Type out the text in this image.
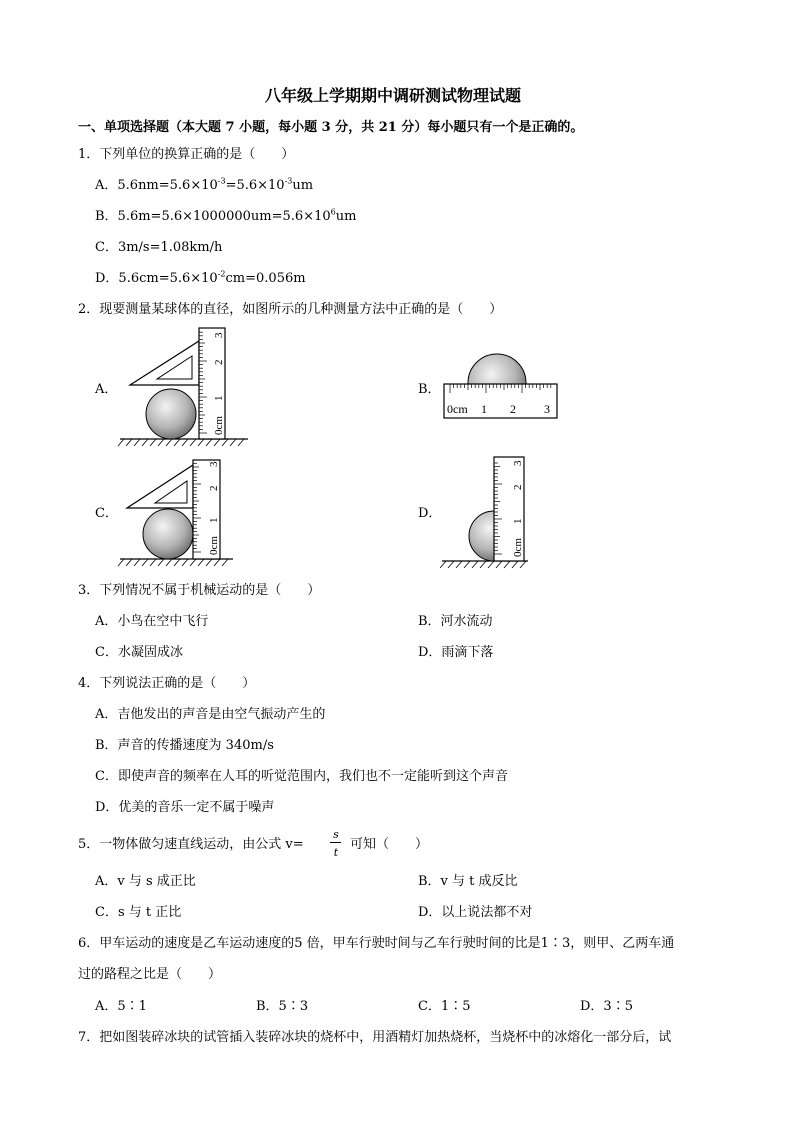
八年级上学期期中调研测试物理试题
一、单项选择题（本大题 7 小题，每小题 3 分，共 21 分）每小题只有一个是正确的。
1．下列单位的换算正确的是（　　）
A．$5.6nm=5.6\times 10^{-3}=5.6\times 10^{-3}um$
B．$5.6m=5.6\times 1000000um=5.6\times 10^6um$
C．3m/s=1.08km/h
D．$5.6cm=5.6\times 10^{-2}cm=0.056m$
2．现要测量某球体的直径，如图所示的几种测量方法中正确的是（　　）
A．	B．
C．	D．
0cm
1
2
3
0cm 1 2 3
0cm
1
2
3
0cm
1
2
3
3．下列情况不属于机械运动的是（　　）
A．小鸟在空中飞行	B．河水流动
C．水凝固成冰	D．雨滴下落
4．下列说法正确的是（　　）
A．吉他发出的声音是由空气振动产生的
B．声音的传播速度为 340m/s
C．即使声音的频率在人耳的听觉范围内，我们也不一定能听到这个声音
D．优美的音乐一定不属于噪声
5．一物体做匀速直线运动，由公式 v=
s
t
可知（　　）
A．v 与 s 成正比	B．v 与 t 成反比
C．s 与 t 正比	D．以上说法都不对
6．甲车运动的速度是乙车运动速度的5 倍，甲车行驶时间与乙车行驶时间的比是1∶3，则甲、乙两车通
过的路程之比是（　　）
A．5∶1	B．5∶3	C．1∶5	D．3∶5
7．把如图装碎冰块的试管插入装碎冰块的烧杯中，用酒精灯加热烧杯，当烧杯中的冰熔化一部分后，试
